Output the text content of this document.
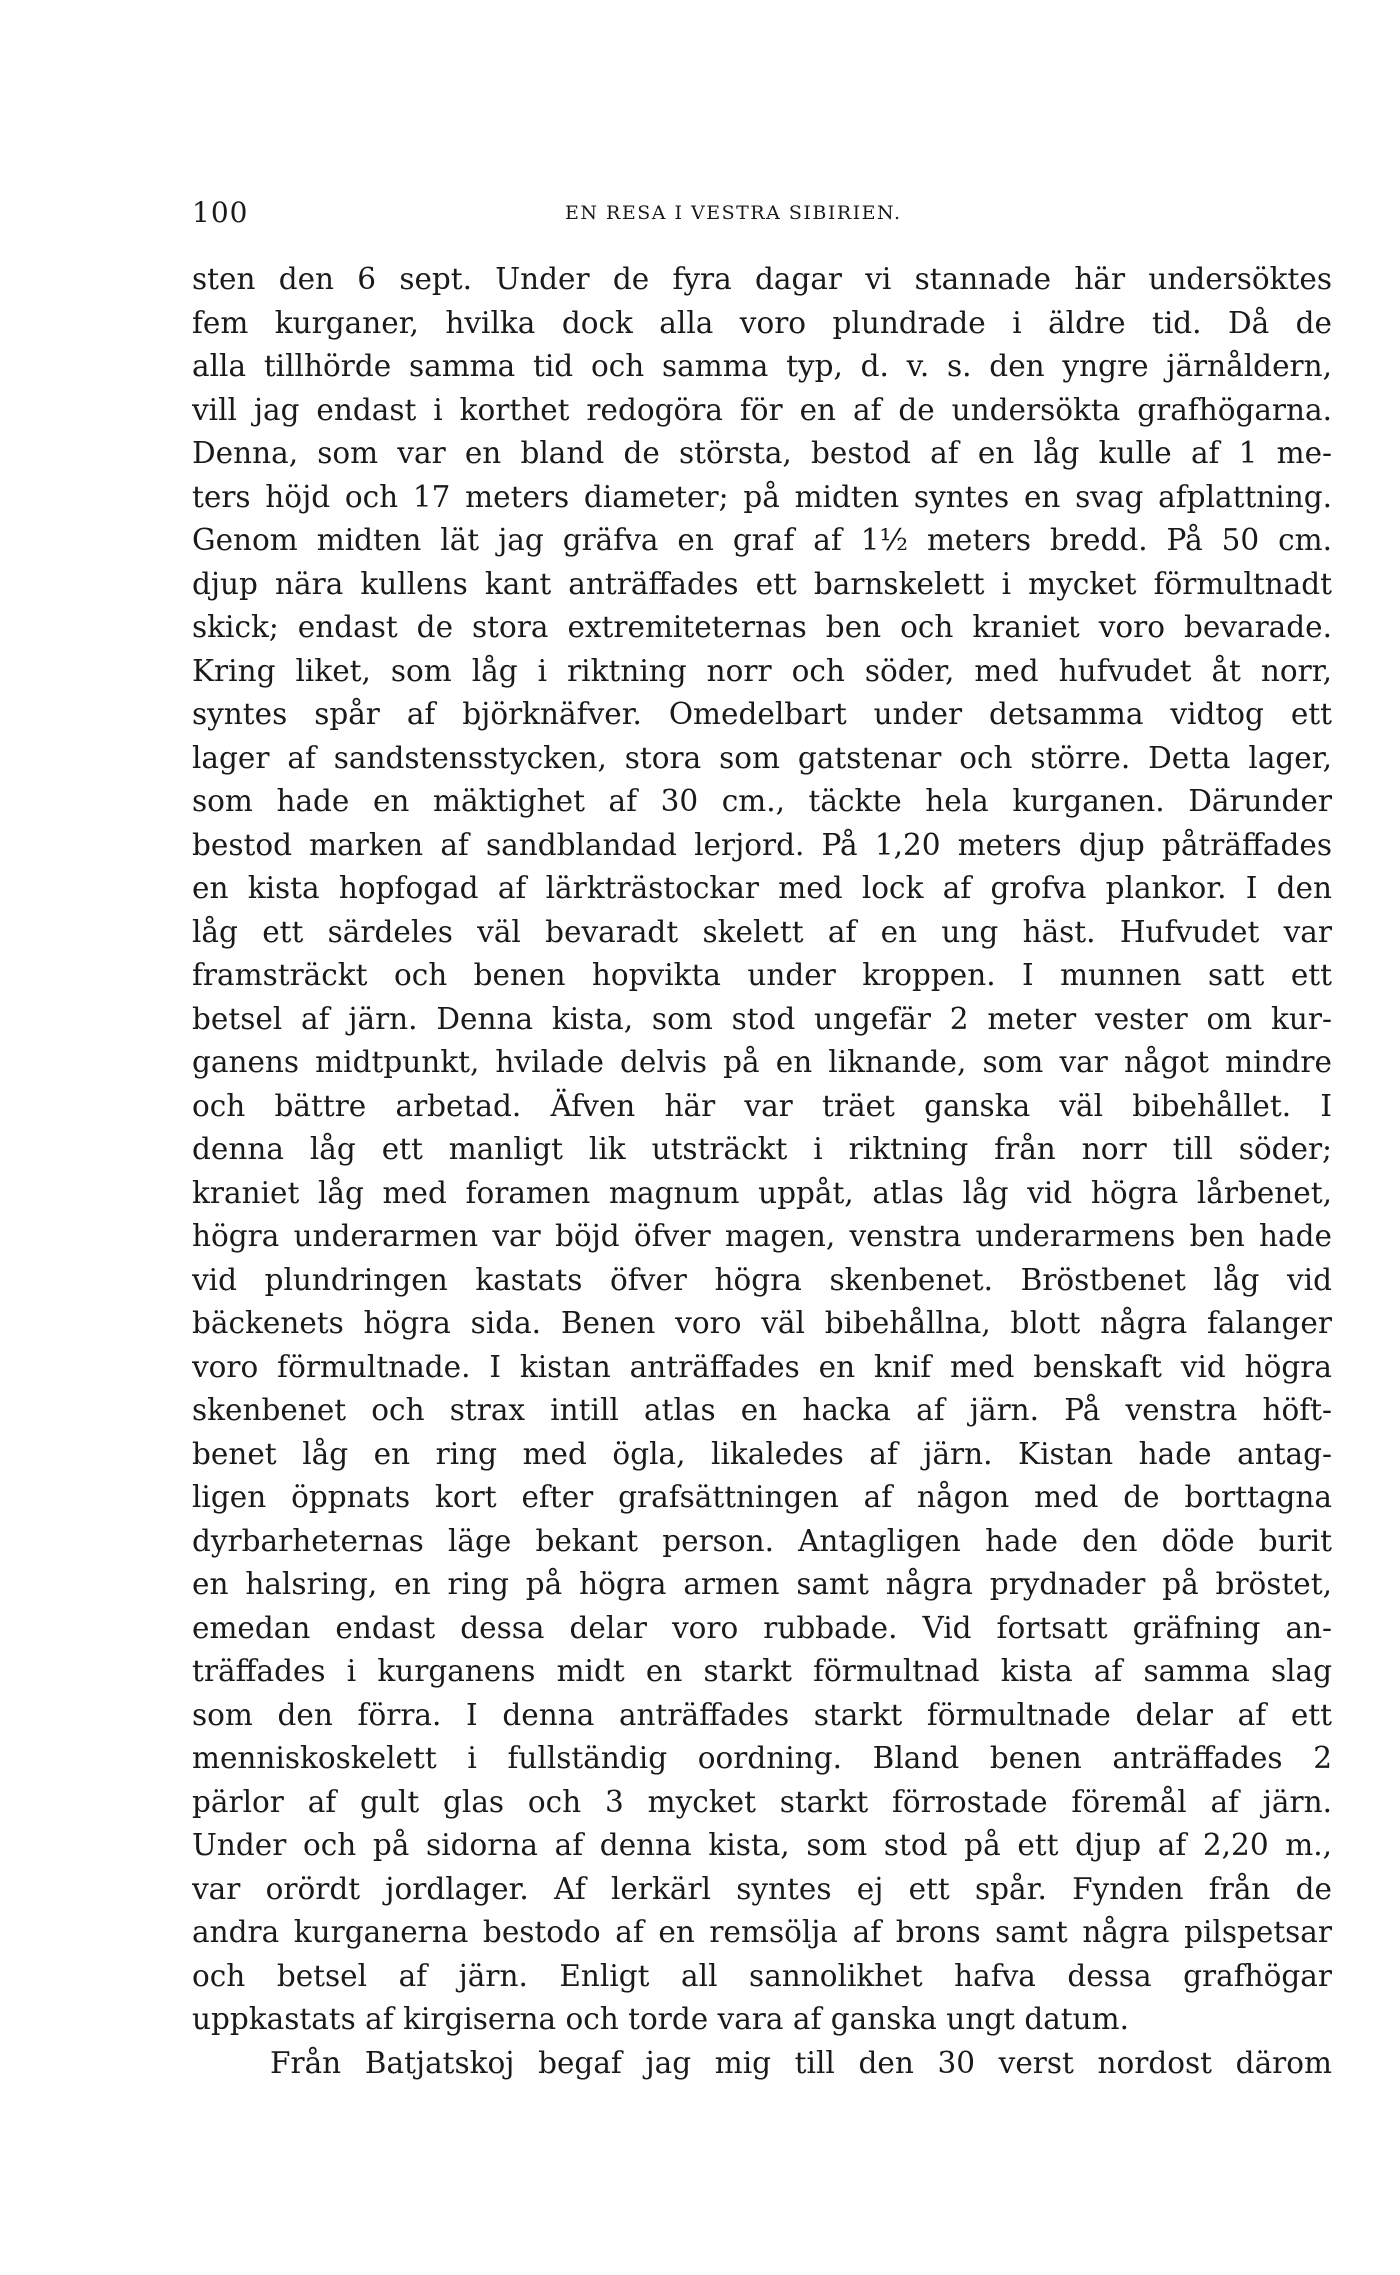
100	EN RESA I VESTRA SIBIRIEN.
sten den 6 sept. Under de fyra dagar vi stannade här undersöktes
fem kurganer, hvilka dock alla voro plundrade i äldre tid. Då de
alla tillhörde samma tid och samma typ, d. v. s. den yngre järnåldern,
vill jag endast i korthet redogöra för en af de undersökta grafhögarna.
Denna, som var en bland de största, bestod af en låg kulle af 1 me-
ters höjd och 17 meters diameter; på midten syntes en svag afplattning.
Genom midten lät jag gräfva en graf af 1½ meters bredd. På 50 cm.
djup nära kullens kant anträffades ett barnskelett i mycket förmultnadt
skick; endast de stora extremiteternas ben och kraniet voro bevarade.
Kring liket, som låg i riktning norr och söder, med hufvudet åt norr,
syntes spår af björknäfver. Omedelbart under detsamma vidtog ett
lager af sandstensstycken, stora som gatstenar och större. Detta lager,
som hade en mäktighet af 30 cm., täckte hela kurganen. Därunder
bestod marken af sandblandad lerjord. På 1,20 meters djup påträffades
en kista hopfogad af lärkträstockar med lock af grofva plankor. I den
låg ett särdeles väl bevaradt skelett af en ung häst. Hufvudet var
framsträckt och benen hopvikta under kroppen. I munnen satt ett
betsel af järn. Denna kista, som stod ungefär 2 meter vester om kur-
ganens midtpunkt, hvilade delvis på en liknande, som var något mindre
och bättre arbetad. Äfven här var träet ganska väl bibehållet. I
denna låg ett manligt lik utsträckt i riktning från norr till söder;
kraniet låg med foramen magnum uppåt, atlas låg vid högra lårbenet,
högra underarmen var böjd öfver magen, venstra underarmens ben hade
vid plundringen kastats öfver högra skenbenet. Bröstbenet låg vid
bäckenets högra sida. Benen voro väl bibehållna, blott några falanger
voro förmultnade. I kistan anträffades en knif med benskaft vid högra
skenbenet och strax intill atlas en hacka af järn. På venstra höft-
benet låg en ring med ögla, likaledes af järn. Kistan hade antag-
ligen öppnats kort efter grafsättningen af någon med de borttagna
dyrbarheternas läge bekant person. Antagligen hade den döde burit
en halsring, en ring på högra armen samt några prydnader på bröstet,
emedan endast dessa delar voro rubbade. Vid fortsatt gräfning an-
träffades i kurganens midt en starkt förmultnad kista af samma slag
som den förra. I denna anträffades starkt förmultnade delar af ett
menniskoskelett i fullständig oordning. Bland benen anträffades 2
pärlor af gult glas och 3 mycket starkt förrostade föremål af järn.
Under och på sidorna af denna kista, som stod på ett djup af 2,20 m.,
var orördt jordlager. Af lerkärl syntes ej ett spår. Fynden från de
andra kurganerna bestodo af en remsölja af brons samt några pilspetsar
och betsel af järn. Enligt all sannolikhet hafva dessa grafhögar
uppkastats af kirgiserna och torde vara af ganska ungt datum.
Från Batjatskoj begaf jag mig till den 30 verst nordost därom
